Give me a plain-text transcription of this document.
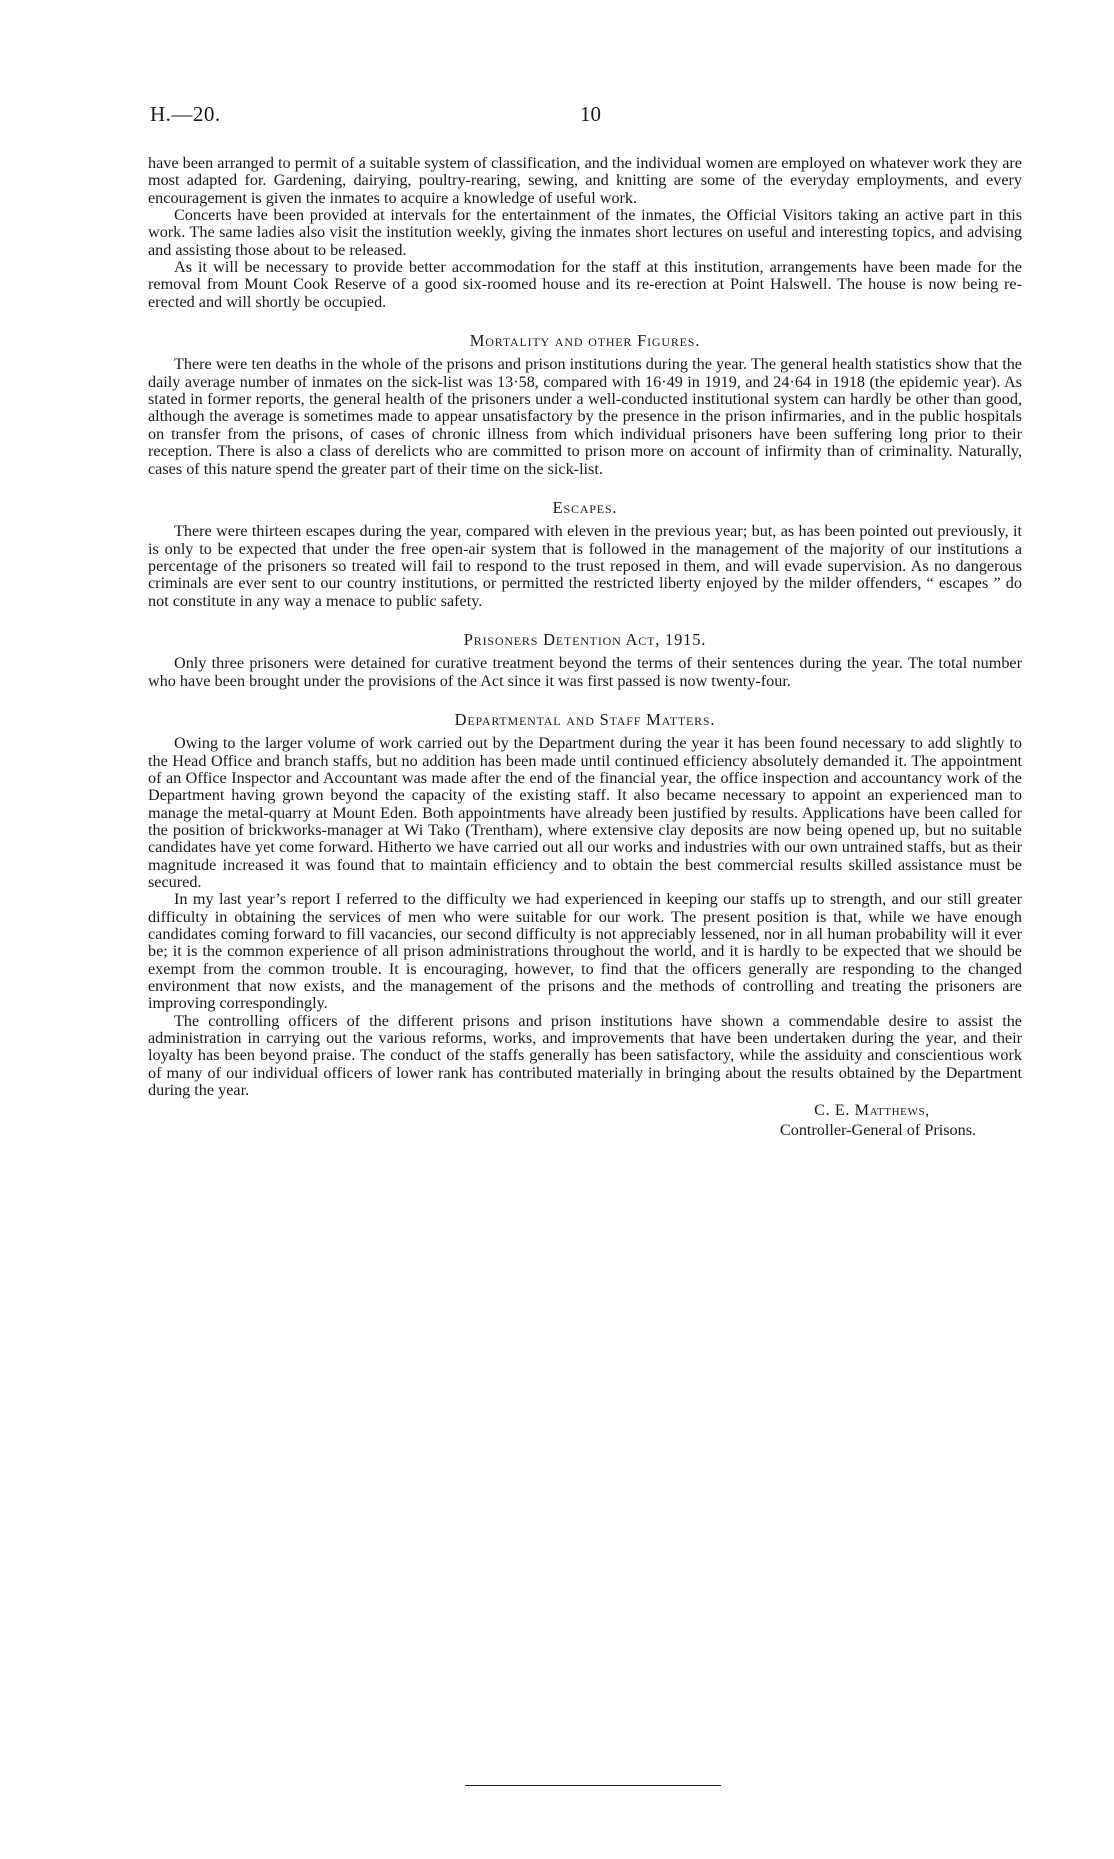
H.—20.	10

have been arranged to permit of a suitable system of classification, and the individual women are employed on whatever work they are most adapted for. Gardening, dairying, poultry-rearing, sewing, and knitting are some of the everyday employments, and every encouragement is given the inmates to acquire a knowledge of useful work.

Concerts have been provided at intervals for the entertainment of the inmates, the Official Visitors taking an active part in this work. The same ladies also visit the institution weekly, giving the inmates short lectures on useful and interesting topics, and advising and assisting those about to be released.

As it will be necessary to provide better accommodation for the staff at this institution, arrangements have been made for the removal from Mount Cook Reserve of a good six-roomed house and its re-erection at Point Halswell. The house is now being re-erected and will shortly be occupied.

Mortality and other Figures.

There were ten deaths in the whole of the prisons and prison institutions during the year. The general health statistics show that the daily average number of inmates on the sick-list was 13·58, compared with 16·49 in 1919, and 24·64 in 1918 (the epidemic year). As stated in former reports, the general health of the prisoners under a well-conducted institutional system can hardly be other than good, although the average is sometimes made to appear unsatisfactory by the presence in the prison infirmaries, and in the public hospitals on transfer from the prisons, of cases of chronic illness from which individual prisoners have been suffering long prior to their reception. There is also a class of derelicts who are committed to prison more on account of infirmity than of criminality. Naturally, cases of this nature spend the greater part of their time on the sick-list.

Escapes.

There were thirteen escapes during the year, compared with eleven in the previous year; but, as has been pointed out previously, it is only to be expected that under the free open-air system that is followed in the management of the majority of our institutions a percentage of the prisoners so treated will fail to respond to the trust reposed in them, and will evade supervision. As no dangerous criminals are ever sent to our country institutions, or permitted the restricted liberty enjoyed by the milder offenders, “ escapes ” do not constitute in any way a menace to public safety.

Prisoners Detention Act, 1915.

Only three prisoners were detained for curative treatment beyond the terms of their sentences during the year. The total number who have been brought under the provisions of the Act since it was first passed is now twenty-four.

Departmental and Staff Matters.

Owing to the larger volume of work carried out by the Department during the year it has been found necessary to add slightly to the Head Office and branch staffs, but no addition has been made until continued efficiency absolutely demanded it. The appointment of an Office Inspector and Accountant was made after the end of the financial year, the office inspection and accountancy work of the Department having grown beyond the capacity of the existing staff. It also became necessary to appoint an experienced man to manage the metal-quarry at Mount Eden. Both appointments have already been justified by results. Applications have been called for the position of brickworks-manager at Wi Tako (Trentham), where extensive clay deposits are now being opened up, but no suitable candidates have yet come forward. Hitherto we have carried out all our works and industries with our own untrained staffs, but as their magnitude increased it was found that to maintain efficiency and to obtain the best commercial results skilled assistance must be secured.

In my last year’s report I referred to the difficulty we had experienced in keeping our staffs up to strength, and our still greater difficulty in obtaining the services of men who were suitable for our work. The present position is that, while we have enough candidates coming forward to fill vacancies, our second difficulty is not appreciably lessened, nor in all human probability will it ever be; it is the common experience of all prison administrations throughout the world, and it is hardly to be expected that we should be exempt from the common trouble. It is encouraging, however, to find that the officers generally are responding to the changed environment that now exists, and the management of the prisons and the methods of controlling and treating the prisoners are improving correspondingly.

The controlling officers of the different prisons and prison institutions have shown a commendable desire to assist the administration in carrying out the various reforms, works, and improvements that have been undertaken during the year, and their loyalty has been beyond praise. The conduct of the staffs generally has been satisfactory, while the assiduity and conscientious work of many of our individual officers of lower rank has contributed materially in bringing about the results obtained by the Department during the year.

C. E. Matthews,
Controller-General of Prisons.
